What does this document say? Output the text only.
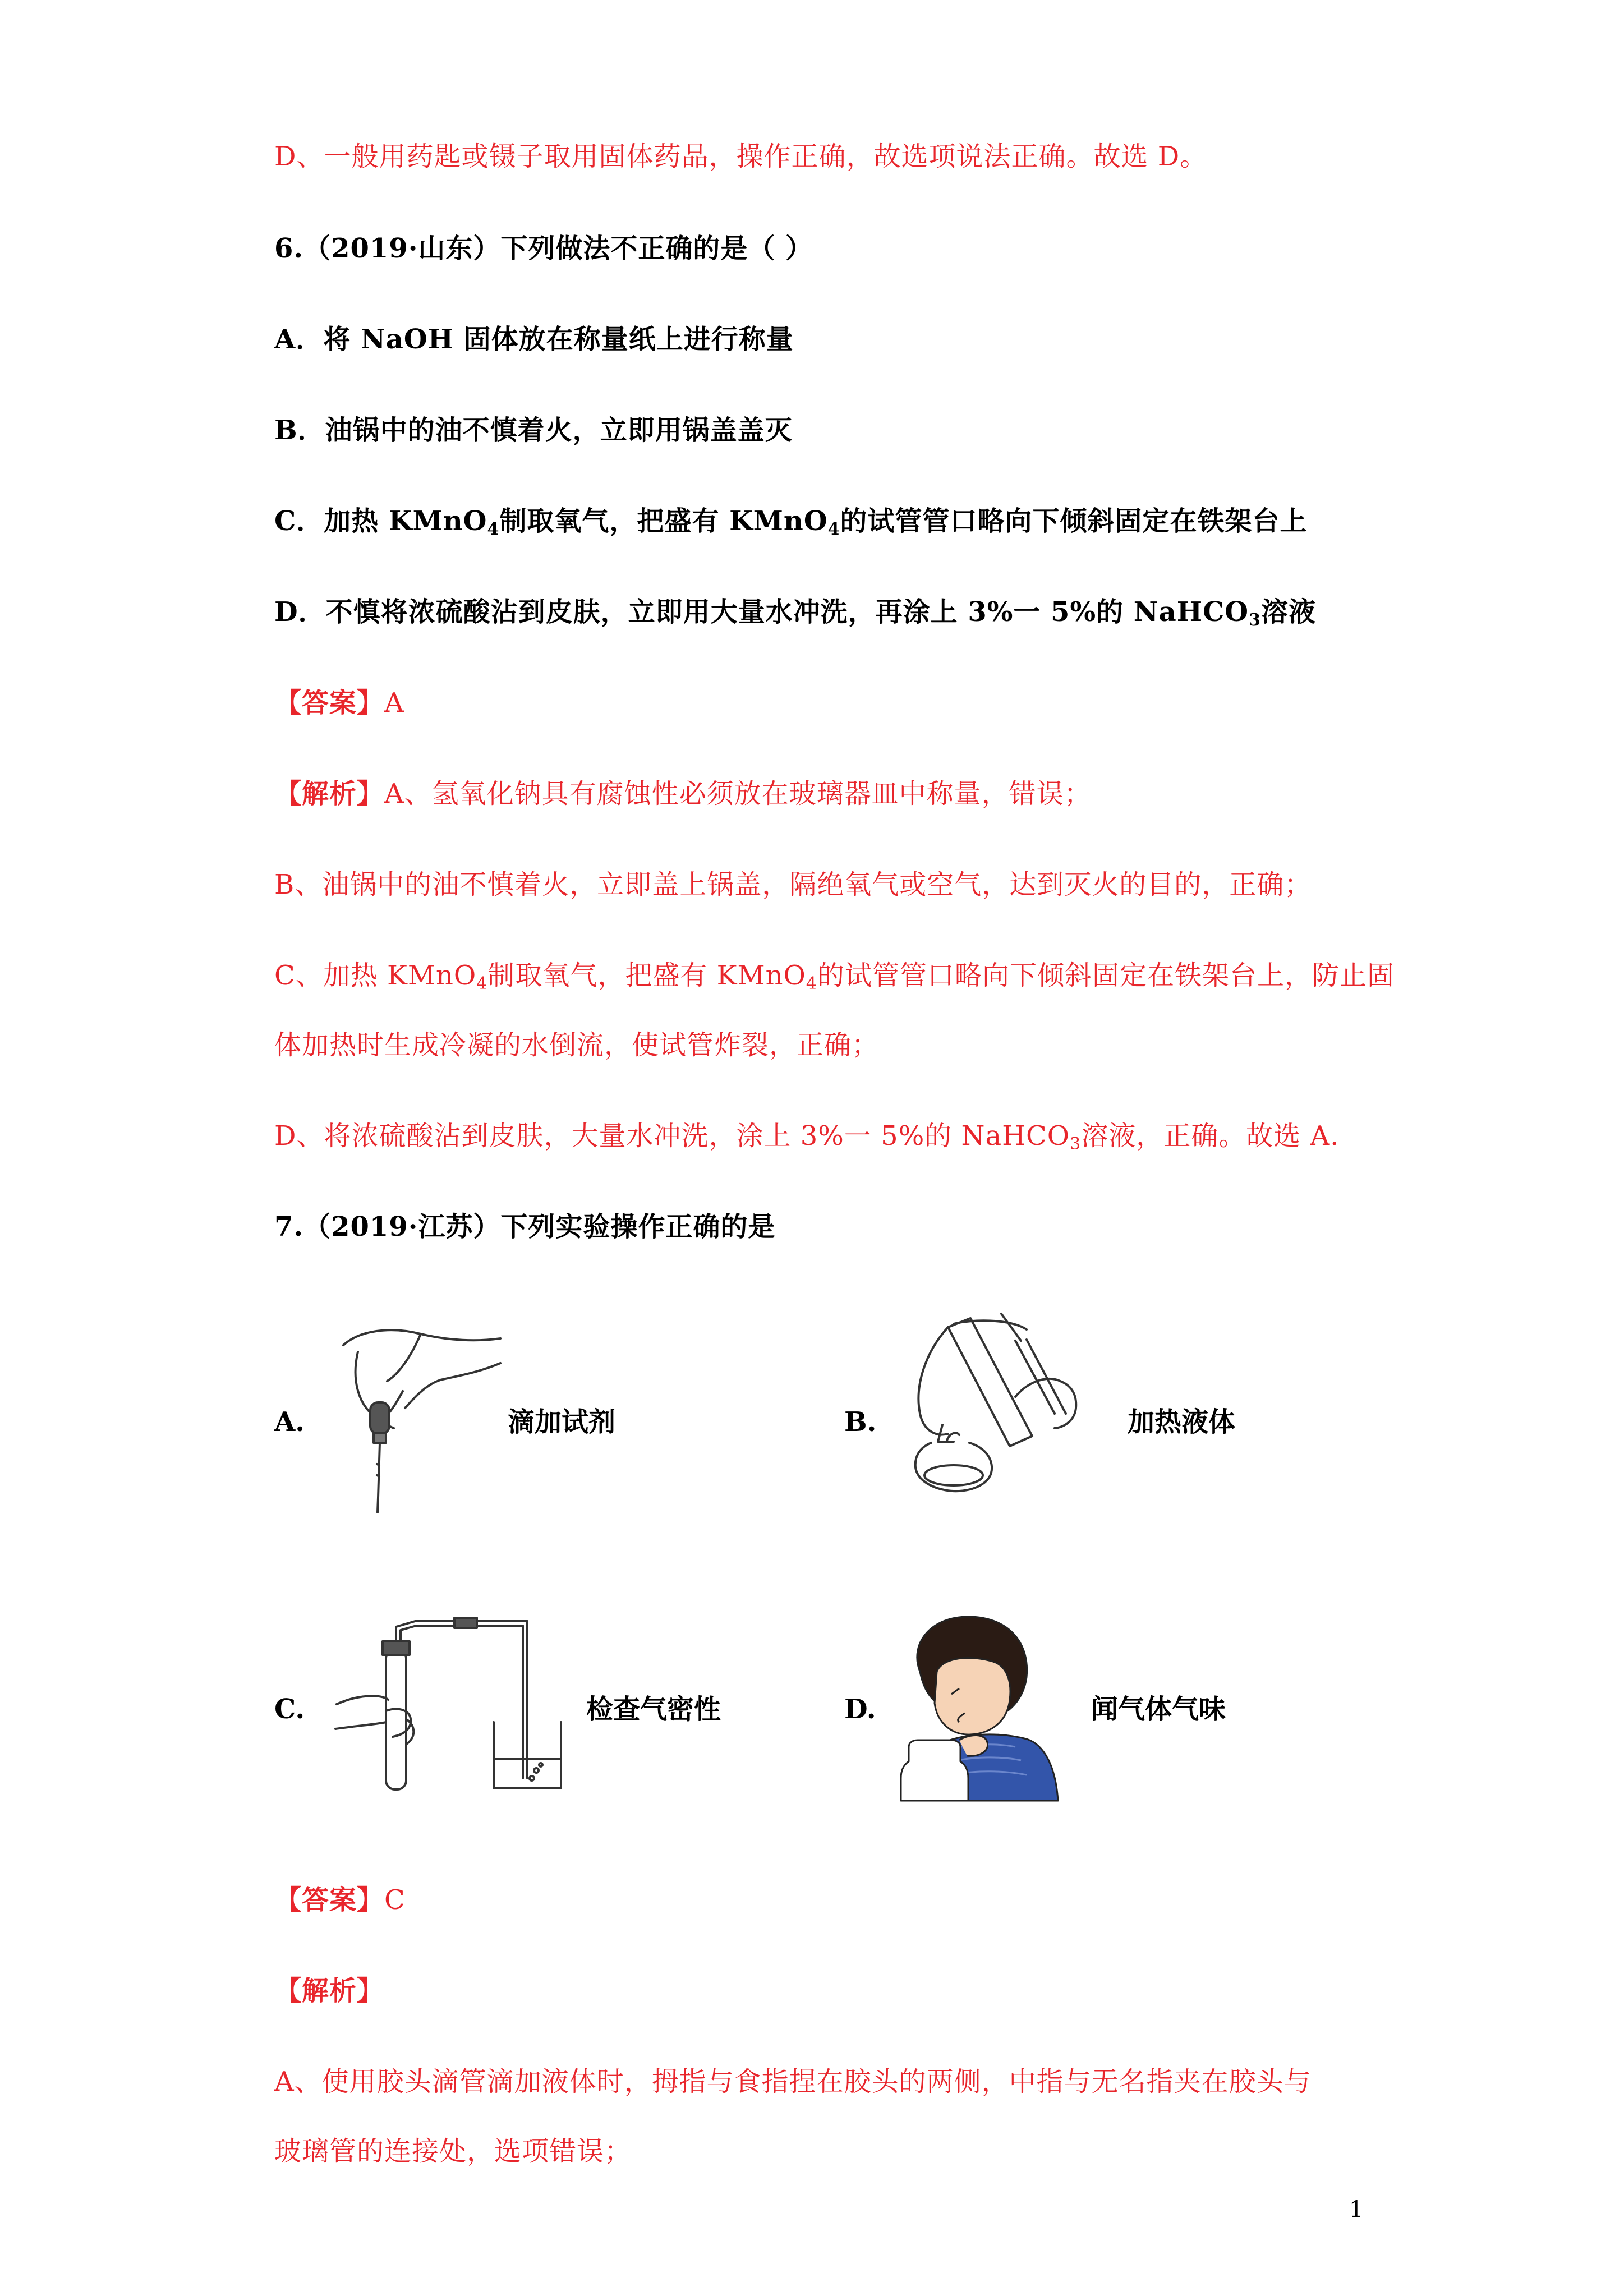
D、一般用药匙或镊子取用固体药品，操作正确，故选项说法正确。故选 D。
6.（2019·山东）下列做法不正确的是（ ）
A．将 NaOH 固体放在称量纸上进行称量
B．油锅中的油不慎着火，立即用锅盖盖灭
C．加热 KMnO$_4$制取氧气，把盛有 KMnO$_4$的试管管口略向下倾斜固定在铁架台上
D．不慎将浓硫酸沾到皮肤，立即用大量水冲洗，再涂上 3%一 5%的 NaHCO$_3$溶液
【答案】A
【解析】A、氢氧化钠具有腐蚀性必须放在玻璃器皿中称量，错误；
B、油锅中的油不慎着火，立即盖上锅盖，隔绝氧气或空气，达到灭火的目的，正确；
C、加热 KMnO$_4$制取氧气，把盛有 KMnO$_4$的试管管口略向下倾斜固定在铁架台上，防止固
体加热时生成冷凝的水倒流，使试管炸裂，正确；
D、将浓硫酸沾到皮肤，大量水冲洗，涂上 3%一 5%的 NaHCO$_3$溶液，正确。故选 A.
7.（2019·江苏）下列实验操作正确的是
A.	滴加试剂	B.	加热液体
C.	检查气密性	D.	闻气体气味
【答案】C
【解析】
A、使用胶头滴管滴加液体时，拇指与食指捏在胶头的两侧，中指与无名指夹在胶头与
玻璃管的连接处，选项错误；
1
